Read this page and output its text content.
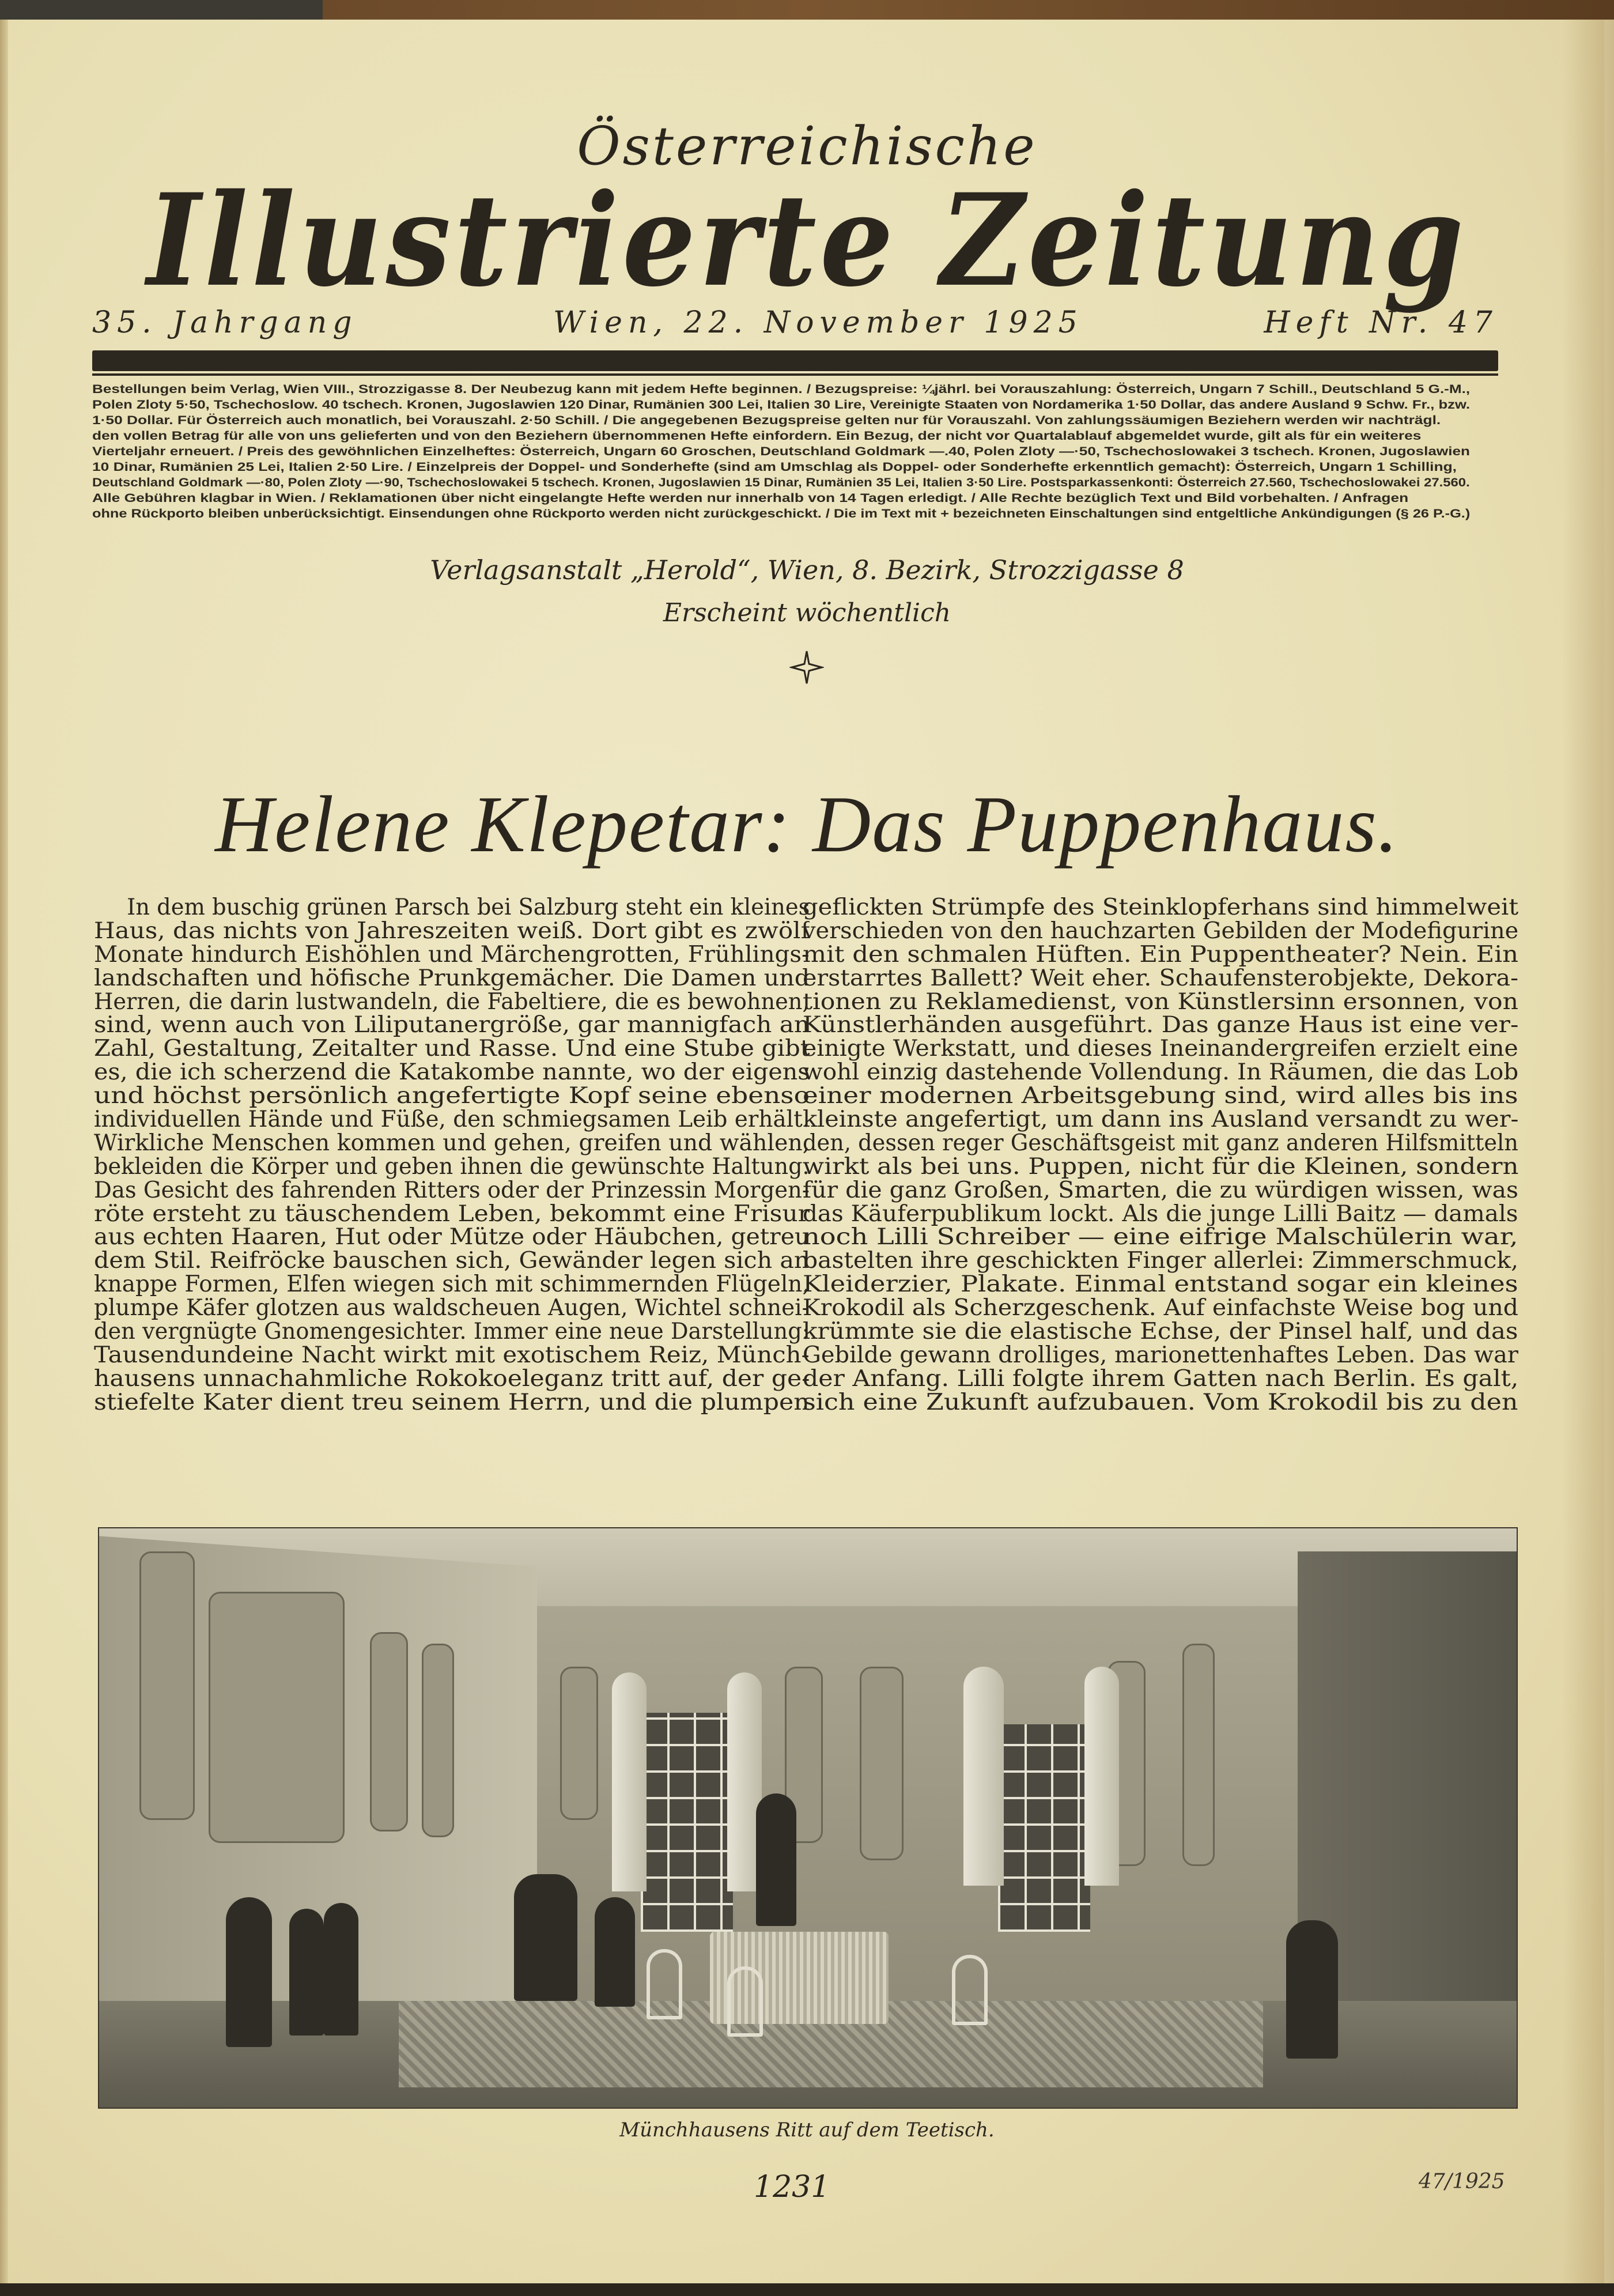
Österreichische
Illustrierte Zeitung
35. Jahrgang	Wien, 22. November 1925	Heft Nr. 47
Bestellungen beim Verlag, Wien VIII., Strozzigasse 8. Der Neubezug kann mit jedem Hefte beginnen. / Bezugspreise: ¼jährl. bei Vorauszahlung: Österreich, Ungarn 7 Schill., Deutschland 5 G.-M.,
Polen Zloty 5·50, Tschechoslow. 40 tschech. Kronen, Jugoslawien 120 Dinar, Rumänien 300 Lei, Italien 30 Lire, Vereinigte Staaten von Nordamerika 1·50 Dollar, das andere Ausland 9 Schw. Fr., bzw.
1·50 Dollar. Für Österreich auch monatlich, bei Vorauszahl. 2·50 Schill. / Die angegebenen Bezugspreise gelten nur für Vorauszahl. Von zahlungssäumigen Beziehern werden wir nachträgl.
den vollen Betrag für alle von uns gelieferten und von den Beziehern übernommenen Hefte einfordern. Ein Bezug, der nicht vor Quartalablauf abgemeldet wurde, gilt als für ein weiteres
Vierteljahr erneuert. / Preis des gewöhnlichen Einzelheftes: Österreich, Ungarn 60 Groschen, Deutschland Goldmark —.40, Polen Zloty —·50, Tschechoslowakei 3 tschech. Kronen, Jugoslawien
10 Dinar, Rumänien 25 Lei, Italien 2·50 Lire. / Einzelpreis der Doppel- und Sonderhefte (sind am Umschlag als Doppel- oder Sonderhefte erkenntlich gemacht): Österreich, Ungarn 1 Schilling,
Deutschland Goldmark —·80, Polen Zloty —·90, Tschechoslowakei 5 tschech. Kronen, Jugoslawien 15 Dinar, Rumänien 35 Lei, Italien 3·50 Lire. Postsparkassenkonti: Österreich 27.560, Tschechoslowakei 27.560.
Alle Gebühren klagbar in Wien. / Reklamationen über nicht eingelangte Hefte werden nur innerhalb von 14 Tagen erledigt. / Alle Rechte bezüglich Text und Bild vorbehalten. / Anfragen
ohne Rückporto bleiben unberücksichtigt. Einsendungen ohne Rückporto werden nicht zurückgeschickt. / Die im Text mit + bezeichneten Einschaltungen sind entgeltliche Ankündigungen (§ 26 P.-G.)
Verlagsanstalt „Herold“, Wien, 8. Bezirk, Strozzigasse 8
Erscheint wöchentlich
Helene Klepetar: Das Puppenhaus.
In dem buschig grünen Parsch bei Salzburg steht ein kleines
Haus, das nichts von Jahreszeiten weiß. Dort gibt es zwölf
Monate hindurch Eishöhlen und Märchengrotten, Frühlings-
landschaften und höfische Prunkgemächer. Die Damen und
Herren, die darin lustwandeln, die Fabeltiere, die es bewohnen,
sind, wenn auch von Liliputanergröße, gar mannigfach an
Zahl, Gestaltung, Zeitalter und Rasse. Und eine Stube gibt
es, die ich scherzend die Katakombe nannte, wo der eigens
und höchst persönlich angefertigte Kopf seine ebenso
individuellen Hände und Füße, den schmiegsamen Leib erhält.
Wirkliche Menschen kommen und gehen, greifen und wählen,
bekleiden die Körper und geben ihnen die gewünschte Haltung.
Das Gesicht des fahrenden Ritters oder der Prinzessin Morgen-
röte ersteht zu täuschendem Leben, bekommt eine Frisur
aus echten Haaren, Hut oder Mütze oder Häubchen, getreu
dem Stil. Reifröcke bauschen sich, Gewänder legen sich an
knappe Formen, Elfen wiegen sich mit schimmernden Flügeln,
plumpe Käfer glotzen aus waldscheuen Augen, Wichtel schnei-
den vergnügte Gnomengesichter. Immer eine neue Darstellung:
Tausendundeine Nacht wirkt mit exotischem Reiz, Münch-
hausens unnachahmliche Rokokoeleganz tritt auf, der ge-
stiefelte Kater dient treu seinem Herrn, und die plumpen
geflickten Strümpfe des Steinklopferhans sind himmelweit
verschieden von den hauchzarten Gebilden der Modefigurine
mit den schmalen Hüften. Ein Puppentheater? Nein. Ein
erstarrtes Ballett? Weit eher. Schaufensterobjekte, Dekora-
tionen zu Reklamedienst, von Künstlersinn ersonnen, von
Künstlerhänden ausgeführt. Das ganze Haus ist eine ver-
einigte Werkstatt, und dieses Ineinandergreifen erzielt eine
wohl einzig dastehende Vollendung. In Räumen, die das Lob
einer modernen Arbeitsgebung sind, wird alles bis ins
kleinste angefertigt, um dann ins Ausland versandt zu wer-
den, dessen reger Geschäftsgeist mit ganz anderen Hilfsmitteln
wirkt als bei uns. Puppen, nicht für die Kleinen, sondern
für die ganz Großen, Smarten, die zu würdigen wissen, was
das Käuferpublikum lockt. Als die junge Lilli Baitz — damals
noch Lilli Schreiber — eine eifrige Malschülerin war,
bastelten ihre geschickten Finger allerlei: Zimmerschmuck,
Kleiderzier, Plakate. Einmal entstand sogar ein kleines
Krokodil als Scherzgeschenk. Auf einfachste Weise bog und
krümmte sie die elastische Echse, der Pinsel half, und das
Gebilde gewann drolliges, marionettenhaftes Leben. Das war
der Anfang. Lilli folgte ihrem Gatten nach Berlin. Es galt,
sich eine Zukunft aufzubauen. Vom Krokodil bis zu den
Münchhausens Ritt auf dem Teetisch.
1231	47/1925
